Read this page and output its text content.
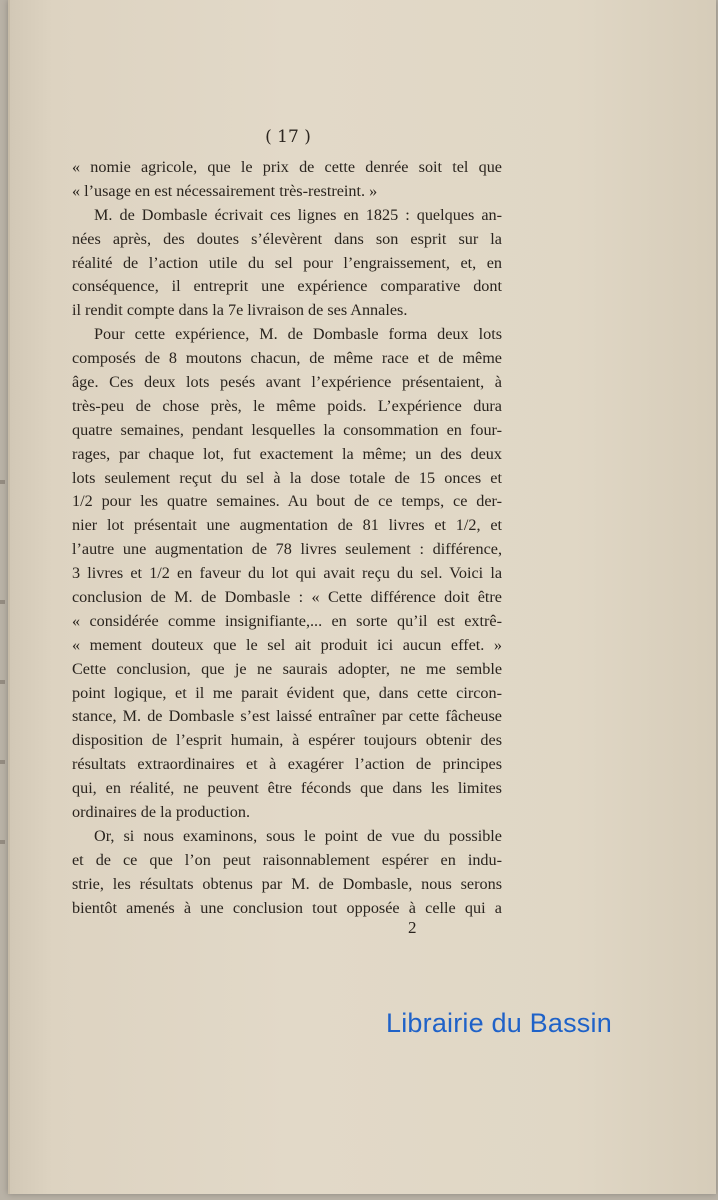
( 17 )
« nomie agricole, que le prix de cette denrée soit tel que
« l’usage en est nécessairement très-restreint. »
M. de Dombasle écrivait ces lignes en 1825 : quelques an-
nées après, des doutes s’élevèrent dans son esprit sur la
réalité de l’action utile du sel pour l’engraissement, et, en
conséquence, il entreprit une expérience comparative dont
il rendit compte dans la 7e livraison de ses Annales.
Pour cette expérience, M. de Dombasle forma deux lots
composés de 8 moutons chacun, de même race et de même
âge. Ces deux lots pesés avant l’expérience présentaient, à
très-peu de chose près, le même poids. L’expérience dura
quatre semaines, pendant lesquelles la consommation en four-
rages, par chaque lot, fut exactement la même; un des deux
lots seulement reçut du sel à la dose totale de 15 onces et
1/2 pour les quatre semaines. Au bout de ce temps, ce der-
nier lot présentait une augmentation de 81 livres et 1/2, et
l’autre une augmentation de 78 livres seulement : différence,
3 livres et 1/2 en faveur du lot qui avait reçu du sel. Voici la
conclusion de M. de Dombasle : « Cette différence doit être
« considérée comme insignifiante,... en sorte qu’il est extrê-
« mement douteux que le sel ait produit ici aucun effet. »
Cette conclusion, que je ne saurais adopter, ne me semble
point logique, et il me parait évident que, dans cette circon-
stance, M. de Dombasle s’est laissé entraîner par cette fâcheuse
disposition de l’esprit humain, à espérer toujours obtenir des
résultats extraordinaires et à exagérer l’action de principes
qui, en réalité, ne peuvent être féconds que dans les limites
ordinaires de la production.
Or, si nous examinons, sous le point de vue du possible
et de ce que l’on peut raisonnablement espérer en indu-
strie, les résultats obtenus par M. de Dombasle, nous serons
bientôt amenés à une conclusion tout opposée à celle qui a
2
Librairie du Bassin
